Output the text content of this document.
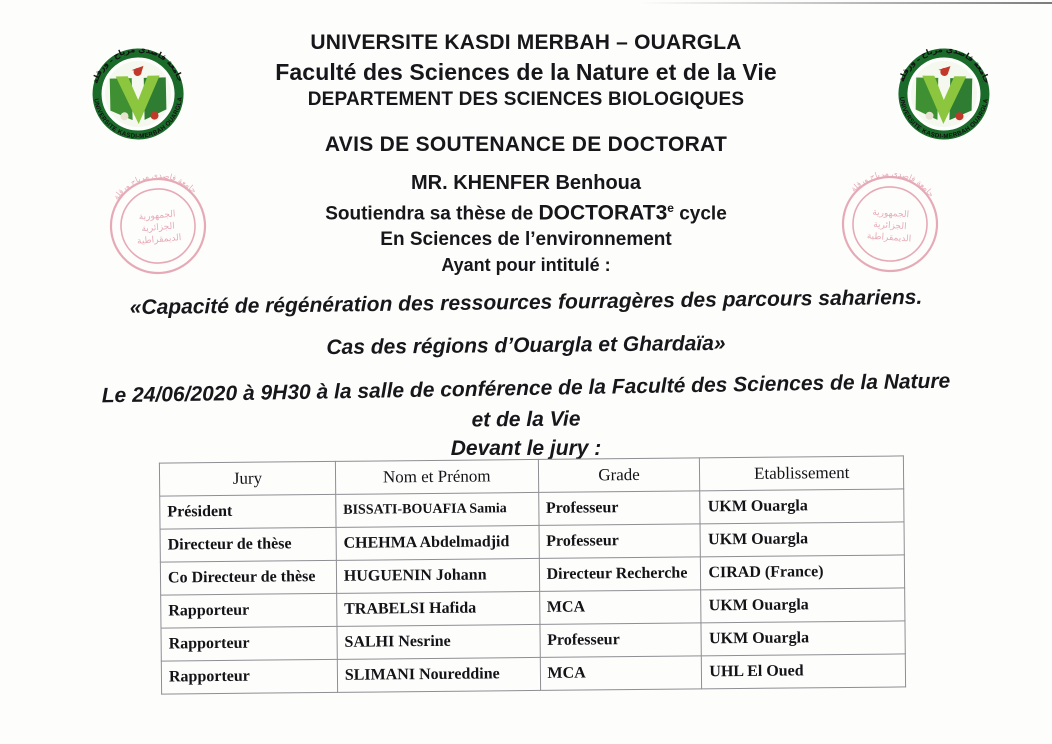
جامعة قاصدي مرباح ـ ورقلة
UNIVERSITE KASDI-MERBAH OUARGLA
جامعة قاصدي مرباح ـ ورقلة
UNIVERSITE KASDI-MERBAH OUARGLA
جامعة قاصدي مرباح ورقلة
الجمهورية
الجزائرية
الديمقراطية
جامعة قاصدي مرباح ورقلة
الجمهورية
الجزائرية
الديمقراطية
UNIVERSITE KASDI MERBAH – OUARGLA
Faculté des Sciences de la Nature et de la Vie
DEPARTEMENT DES SCIENCES BIOLOGIQUES
AVIS DE SOUTENANCE DE DOCTORAT
MR. KHENFER Benhoua
Soutiendra sa thèse de DOCTORAT3e cycle
En Sciences de l’environnement
Ayant pour intitulé :
«Capacité de régénération des ressources fourragères des parcours sahariens.
Cas des régions d’Ouargla et Ghardaïa»
Le 24/06/2020 à 9H30 à la salle de conférence de la Faculté des Sciences de la Nature
et de la Vie
Devant le jury :
Jury	Nom et Prénom	Grade	Etablissement
Président	BISSATI-BOUAFIA Samia	Professeur	UKM Ouargla
Directeur de thèse	CHEHMA Abdelmadjid	Professeur	UKM Ouargla
Co Directeur de thèse	HUGUENIN Johann	Directeur Recherche	CIRAD (France)
Rapporteur	TRABELSI Hafida	MCA	UKM Ouargla
Rapporteur	SALHI Nesrine	Professeur	UKM Ouargla
Rapporteur	SLIMANI Noureddine	MCA	UHL El Oued
